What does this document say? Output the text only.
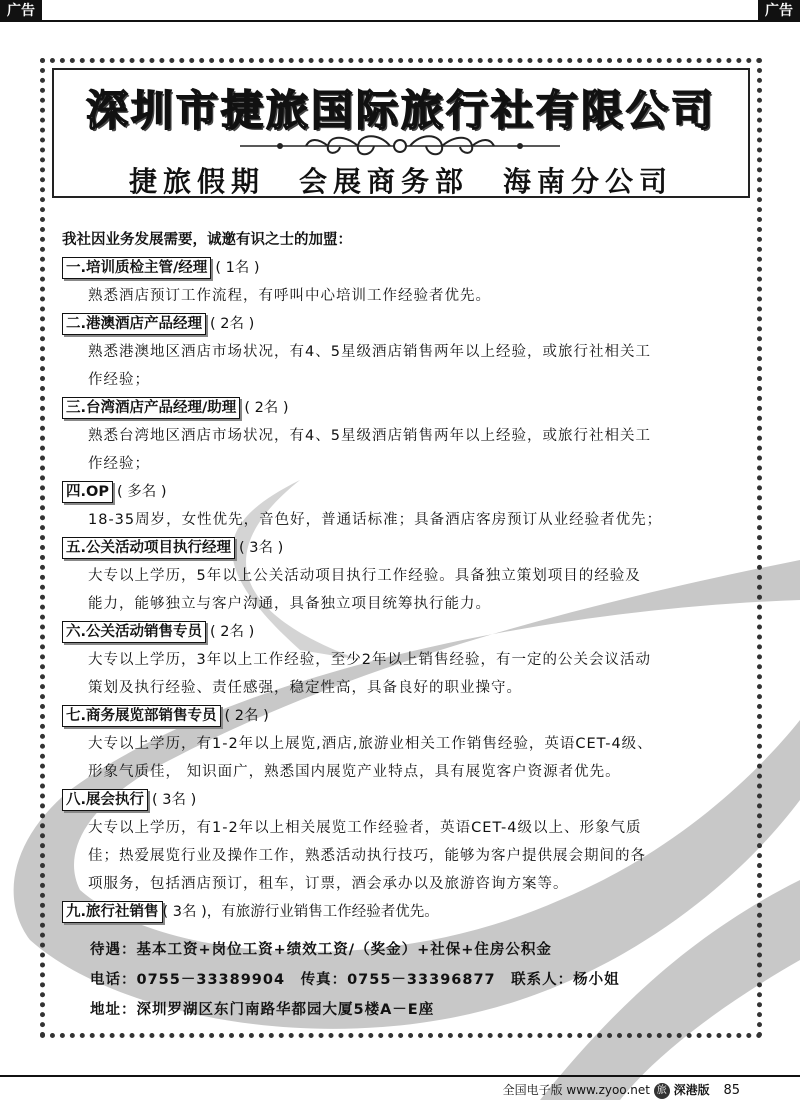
广告	广告
深圳市捷旅国际旅行社有限公司
捷旅假期 会展商务部 海南分公司
我社因业务发展需要，诚邀有识之士的加盟：
一.培训质检主管/经理 ( 1名 )
熟悉酒店预订工作流程，有呼叫中心培训工作经验者优先。
二.港澳酒店产品经理 ( 2名 )
熟悉港澳地区酒店市场状况，有4、5星级酒店销售两年以上经验，或旅行社相关工
作经验；
三.台湾酒店产品经理/助理 ( 2名 )
熟悉台湾地区酒店市场状况，有4、5星级酒店销售两年以上经验，或旅行社相关工
作经验；
四.OP ( 多名 )
18-35周岁，女性优先，音色好，普通话标准；具备酒店客房预订从业经验者优先；
五.公关活动项目执行经理 ( 3名 )
大专以上学历，5年以上公关活动项目执行工作经验。具备独立策划项目的经验及
能力，能够独立与客户沟通，具备独立项目统筹执行能力。
六.公关活动销售专员 ( 2名 )
大专以上学历，3年以上工作经验，至少2年以上销售经验，有一定的公关会议活动
策划及执行经验、责任感强，稳定性高，具备良好的职业操守。
七.商务展览部销售专员 ( 2名 )
大专以上学历，有1-2年以上展览,酒店,旅游业相关工作销售经验，英语CET-4级、
形象气质佳， 知识面广，熟悉国内展览产业特点，具有展览客户资源者优先。
八.展会执行 ( 3名 )
大专以上学历，有1-2年以上相关展览工作经验者，英语CET-4级以上、形象气质
佳；热爱展览行业及操作工作，熟悉活动执行技巧，能够为客户提供展会期间的各
项服务，包括酒店预订，租车，订票，酒会承办以及旅游咨询方案等。
九.旅行社销售 ( 3名 )，有旅游行业销售工作经验者优先。
待遇：基本工资+岗位工资+绩效工资/（奖金）+社保+住房公积金
电话：0755－33389904　传真：0755－33396877　联系人：杨小姐
地址：深圳罗湖区东门南路华都园大厦5楼A－E座
全国电子版 www.zyoo.net 旅 深港版 85
